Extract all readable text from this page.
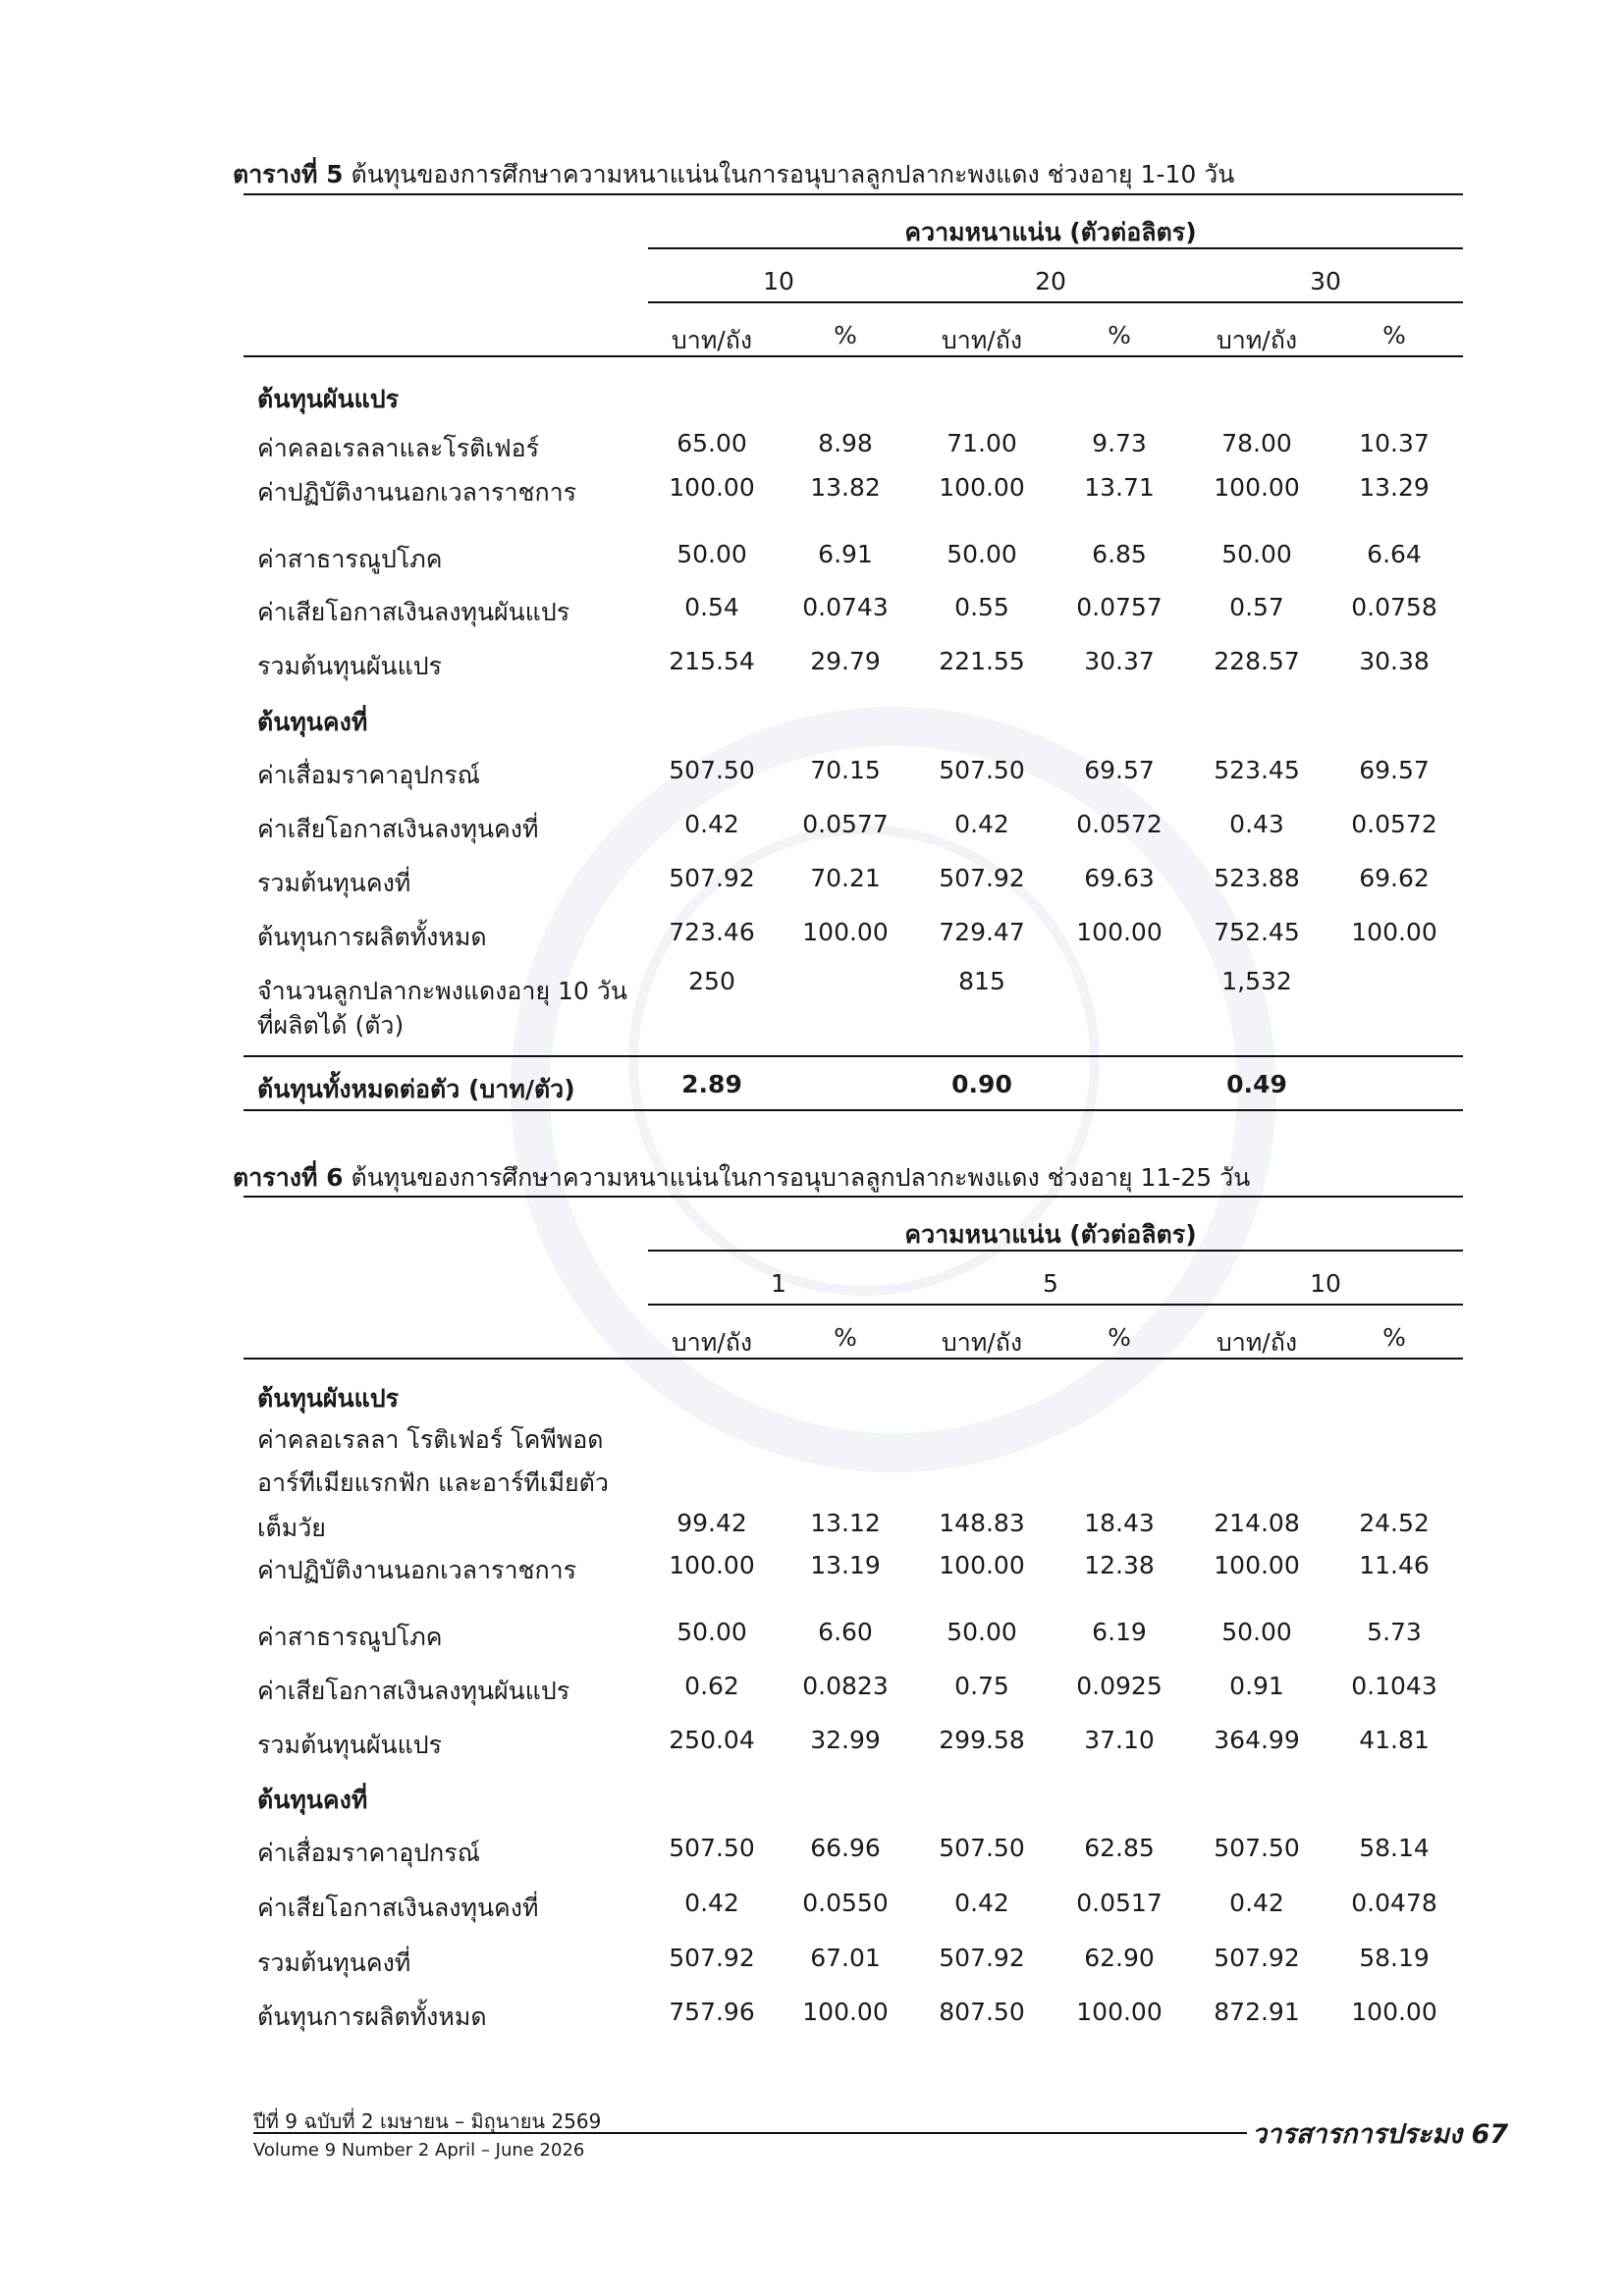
ตารางที่ 5 ต้นทุนของการศึกษาความหนาแน่นในการอนุบาลลูกปลากะพงแดง ช่วงอายุ 1-10 วัน
ความหนาแน่น (ตัวต่อลิตร)
10	20	30
บาท/ถัง	%	บาท/ถัง	%	บาท/ถัง	%
ต้นทุนผันแปร
ค่าคลอเรลลาและโรติเฟอร์	65.00	8.98	71.00	9.73	78.00	10.37
ค่าปฏิบัติงานนอกเวลาราชการ	100.00 13.82 100.00 13.71 100.00 13.29
ค่าสาธารณูปโภค	50.00	6.91	50.00	6.85	50.00	6.64
ค่าเสียโอกาสเงินลงทุนผันแปร	0.54	0.0743	0.55	0.0757	0.57	0.0758
รวมต้นทุนผันแปร	215.54 29.79 221.55 30.37 228.57 30.38
ต้นทุนคงที่
ค่าเสื่อมราคาอุปกรณ์	507.50 70.15 507.50 69.57 523.45 69.57
ค่าเสียโอกาสเงินลงทุนคงที่	0.42	0.0577	0.42	0.0572	0.43	0.0572
รวมต้นทุนคงที่	507.92 70.21 507.92 69.63 523.88 69.62
ต้นทุนการผลิตทั้งหมด	723.46 100.00 729.47 100.00 752.45 100.00
จำนวนลูกปลากะพงแดงอายุ 10 วัน
ที่ผลิตได้ (ตัว)
250	815	1,532
ต้นทุนทั้งหมดต่อตัว (บาท/ตัว)	2.89	0.90	0.49
ตารางที่ 6 ต้นทุนของการศึกษาความหนาแน่นในการอนุบาลลูกปลากะพงแดง ช่วงอายุ 11-25 วัน
ความหนาแน่น (ตัวต่อลิตร)
1	5	10
บาท/ถัง	%	บาท/ถัง	%	บาท/ถัง	%
ต้นทุนผันแปร
ค่าคลอเรลลา โรติเฟอร์ โคพีพอด
อาร์ทีเมียแรกฟัก และอาร์ทีเมียตัว
เต็มวัย	99.42	13.12 148.83 18.43 214.08 24.52
ค่าปฏิบัติงานนอกเวลาราชการ	100.00 13.19 100.00 12.38 100.00 11.46
ค่าสาธารณูปโภค	50.00	6.60	50.00	6.19	50.00	5.73
ค่าเสียโอกาสเงินลงทุนผันแปร	0.62	0.0823	0.75	0.0925	0.91	0.1043
รวมต้นทุนผันแปร	250.04 32.99 299.58 37.10 364.99 41.81
ต้นทุนคงที่
ค่าเสื่อมราคาอุปกรณ์	507.50 66.96 507.50 62.85 507.50 58.14
ค่าเสียโอกาสเงินลงทุนคงที่	0.42	0.0550	0.42	0.0517	0.42	0.0478
รวมต้นทุนคงที่	507.92 67.01 507.92 62.90 507.92 58.19
ต้นทุนการผลิตทั้งหมด	757.96 100.00 807.50 100.00 872.91 100.00
ปีที่ 9 ฉบับที่ 2 เมษายน – มิถุนายน 2569
Volume 9 Number 2 April – June 2026
วารสารการประมง 67
